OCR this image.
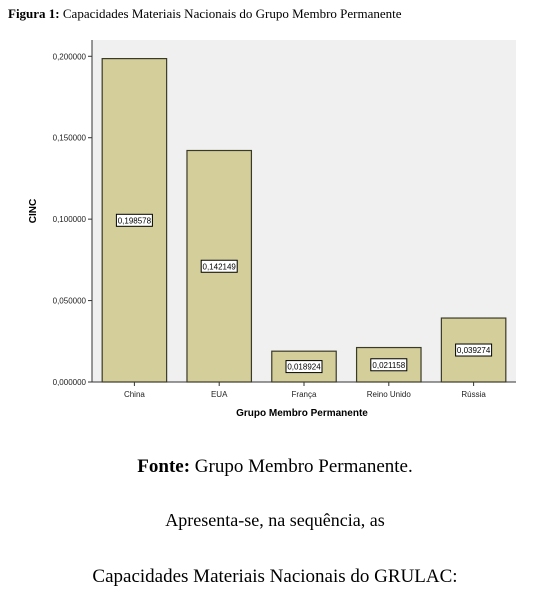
Figura 1: Capacidades Materiais Nacionais do Grupo Membro Permanente
0,000000
0,050000
0,100000
0,150000
0,200000
China	EUA	França	Reino Unido	Rússia
0,198578
0,142149
0,018924	0,021158
0,039274
CINC
Grupo Membro Permanente
Fonte: Grupo Membro Permanente.
Apresenta-se, na sequência, as
Capacidades Materiais Nacionais do GRULAC:
